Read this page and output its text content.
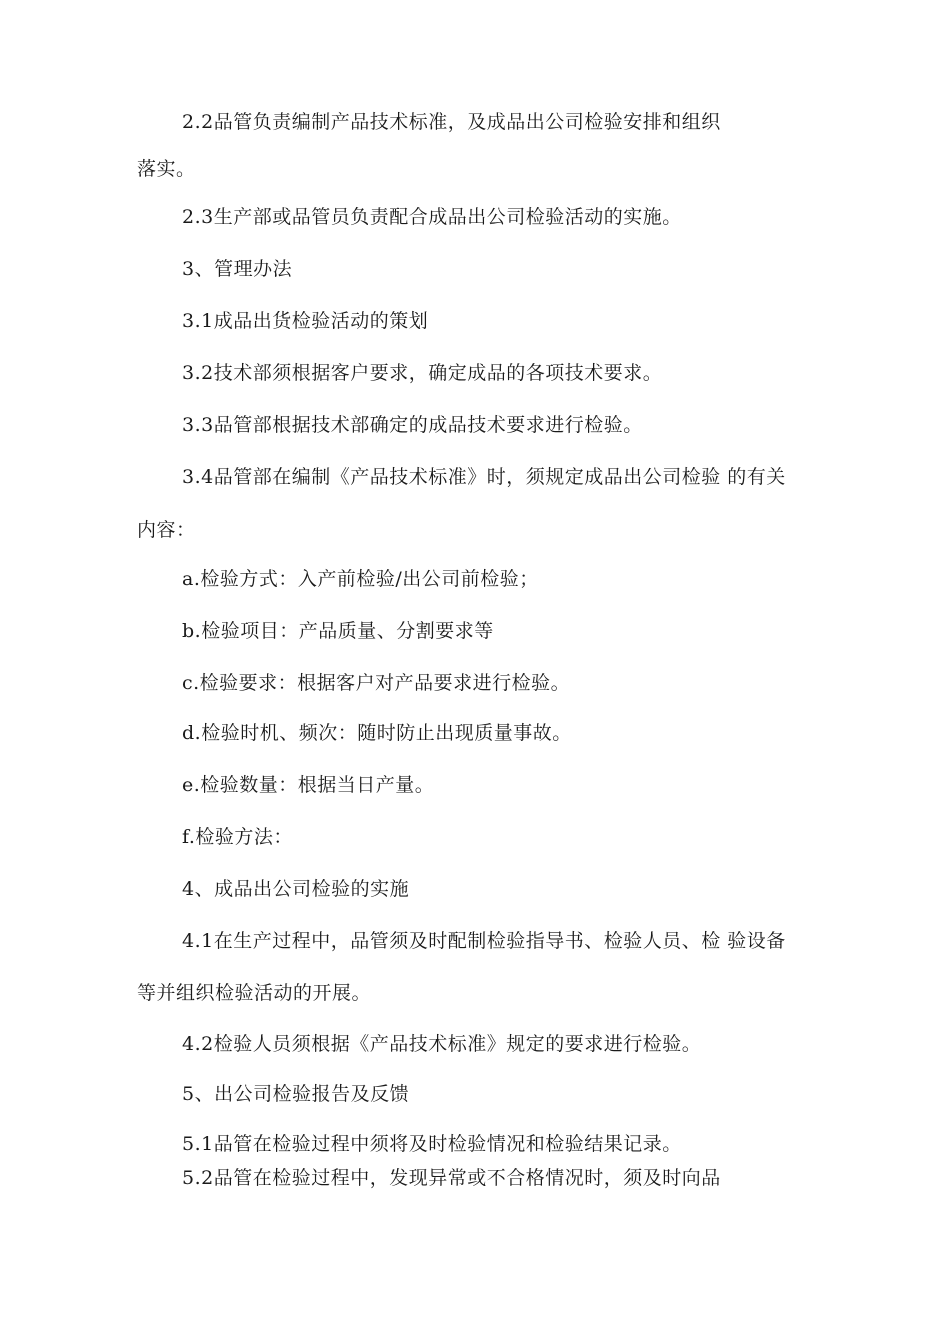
2.2品管负责编制产品技术标准，及成品出公司检验安排和组织
落实。
2.3生产部或品管员负责配合成品出公司检验活动的实施。
3、管理办法
3.1成品出货检验活动的策划
3.2技术部须根据客户要求，确定成品的各项技术要求。
3.3品管部根据技术部确定的成品技术要求进行检验。
3.4品管部在编制《产品技术标准》时，须规定成品出公司检验 的有关
内容：
a.检验方式：入产前检验/出公司前检验；
b.检验项目：产品质量、分割要求等
c.检验要求：根据客户对产品要求进行检验。
d.检验时机、频次：随时防止出现质量事故。
e.检验数量：根据当日产量。
f.检验方法：
4、成品出公司检验的实施
4.1在生产过程中，品管须及时配制检验指导书、检验人员、检 验设备
等并组织检验活动的开展。
4.2检验人员须根据《产品技术标准》规定的要求进行检验。
5、出公司检验报告及反馈
5.1品管在检验过程中须将及时检验情况和检验结果记录。
5.2品管在检验过程中，发现异常或不合格情况时，须及时向品
